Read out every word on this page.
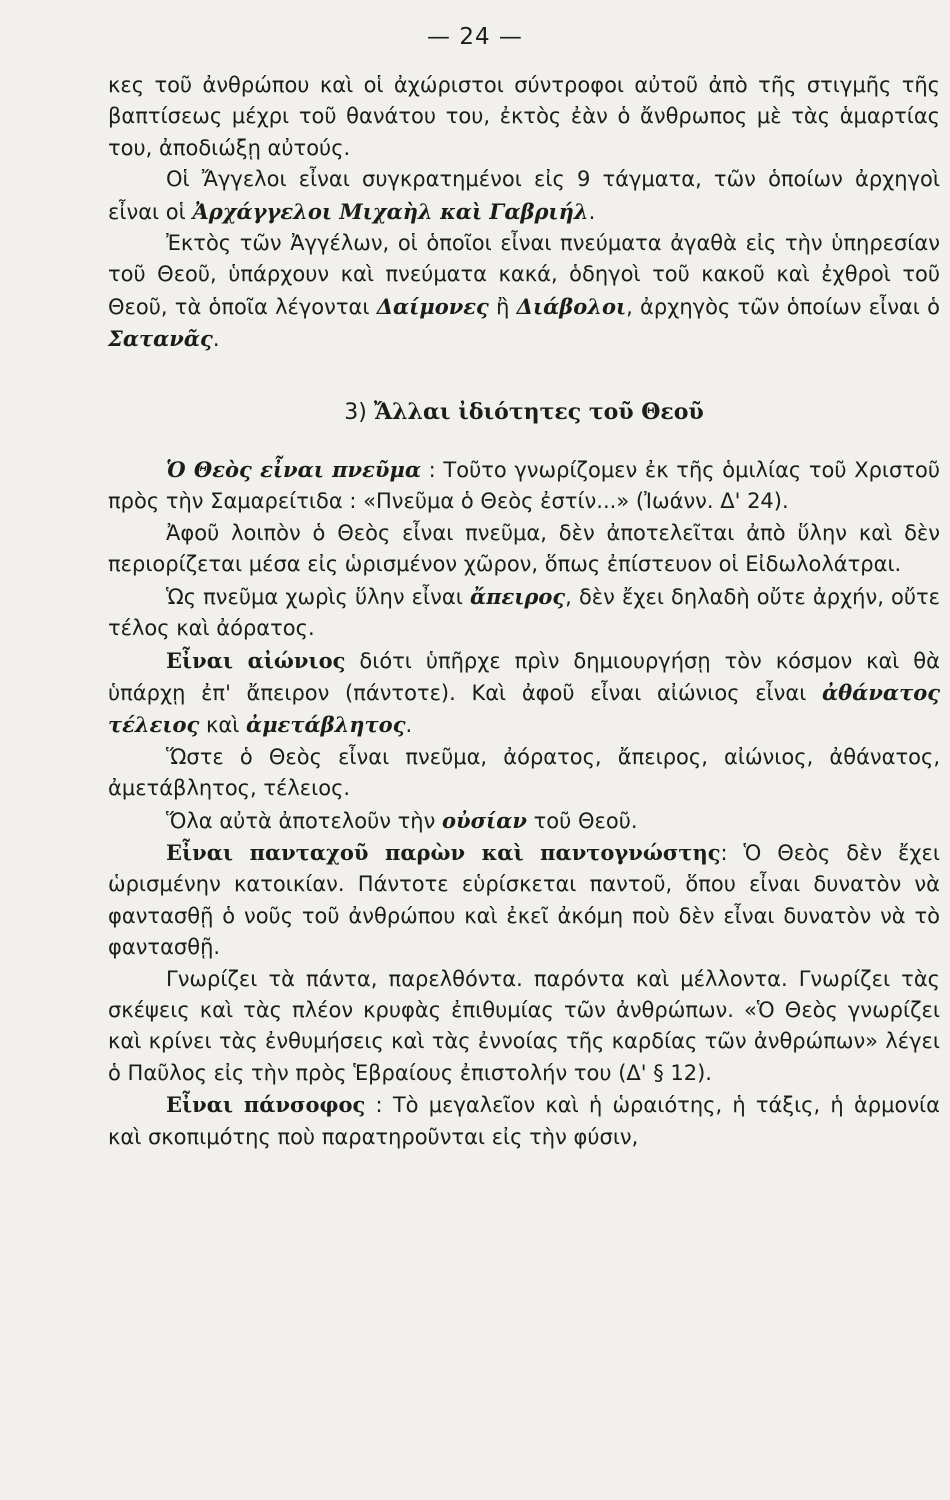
— 24 —

κες τοῦ ἀνθρώπου καὶ οἱ ἀχώριστοι σύντροφοι αὐτοῦ ἀπὸ τῆς στιγμῆς τῆς βαπτίσεως μέχρι τοῦ θανάτου του, ἐκτὸς ἐὰν ὁ ἄνθρωπος μὲ τὰς ἁμαρτίας του, ἀποδιώξῃ αὐτούς.

Οἱ Ἄγγελοι εἶναι συγκρατημένοι εἰς 9 τάγματα, τῶν ὁποίων ἀρχηγοὶ εἶναι οἱ Ἀρχάγγελοι Μιχαὴλ καὶ Γαβριήλ.

Ἐκτὸς τῶν Ἀγγέλων, οἱ ὁποῖοι εἶναι πνεύματα ἀγαθὰ εἰς τὴν ὑπηρεσίαν τοῦ Θεοῦ, ὑπάρχουν καὶ πνεύματα κακά, ὁδηγοὶ τοῦ κακοῦ καὶ ἐχθροὶ τοῦ Θεοῦ, τὰ ὁποῖα λέγονται Δαίμονες ἢ Διάβολοι, ἀρχηγὸς τῶν ὁποίων εἶναι ὁ Σατανᾶς.

3) Ἄλλαι ἰδιότητες τοῦ Θεοῦ

Ὁ Θεὸς εἶναι πνεῦμα : Τοῦτο γνωρίζομεν ἐκ τῆς ὁμιλίας τοῦ Χριστοῦ πρὸς τὴν Σαμαρείτιδα : «Πνεῦμα ὁ Θεὸς ἐστίν...» (Ἰωάνν. Δ' 24).

Ἀφοῦ λοιπὸν ὁ Θεὸς εἶναι πνεῦμα, δὲν ἀποτελεῖται ἀπὸ ὕλην καὶ δὲν περιορίζεται μέσα εἰς ὡρισμένον χῶρον, ὅπως ἐπίστευον οἱ Εἰδωλολάτραι.

Ὡς πνεῦμα χωρὶς ὕλην εἶναι ἄπειρος, δὲν ἔχει δηλαδὴ οὔτε ἀρχήν, οὔτε τέλος καὶ ἀόρατος.

Εἶναι αἰώνιος διότι ὑπῆρχε πρὶν δημιουργήσῃ τὸν κόσμον καὶ θὰ ὑπάρχῃ ἐπ' ἄπειρον (πάντοτε). Καὶ ἀφοῦ εἶναι αἰώνιος εἶναι ἀθάνατος τέλειος καὶ ἀμετάβλητος.

Ὥστε ὁ Θεὸς εἶναι πνεῦμα, ἀόρατος, ἄπειρος, αἰώνιος, ἀθάνατος, ἀμετάβλητος, τέλειος.

Ὅλα αὐτὰ ἀποτελοῦν τὴν οὐσίαν τοῦ Θεοῦ.

Εἶναι πανταχοῦ παρὼν καὶ παντογνώστης: Ὁ Θεὸς δὲν ἔχει ὡρισμένην κατοικίαν. Πάντοτε εὑρίσκεται παντοῦ, ὅπου εἶναι δυνατὸν νὰ φαντασθῇ ὁ νοῦς τοῦ ἀνθρώπου καὶ ἐκεῖ ἀκόμη ποὺ δὲν εἶναι δυνατὸν νὰ τὸ φαντασθῇ.

Γνωρίζει τὰ πάντα, παρελθόντα. παρόντα καὶ μέλλοντα. Γνωρίζει τὰς σκέψεις καὶ τὰς πλέον κρυφὰς ἐπιθυμίας τῶν ἀνθρώπων. «Ὁ Θεὸς γνωρίζει καὶ κρίνει τὰς ἐνθυμήσεις καὶ τὰς ἐννοίας τῆς καρδίας τῶν ἀνθρώπων» λέγει ὁ Παῦλος εἰς τὴν πρὸς Ἑβραίους ἐπιστολήν του (Δ' § 12).

Εἶναι πάνσοφος : Τὸ μεγαλεῖον καὶ ἡ ὡραιότης, ἡ τάξις, ἡ ἁρμονία καὶ σκοπιμότης ποὺ παρατηροῦνται εἰς τὴν φύσιν,
